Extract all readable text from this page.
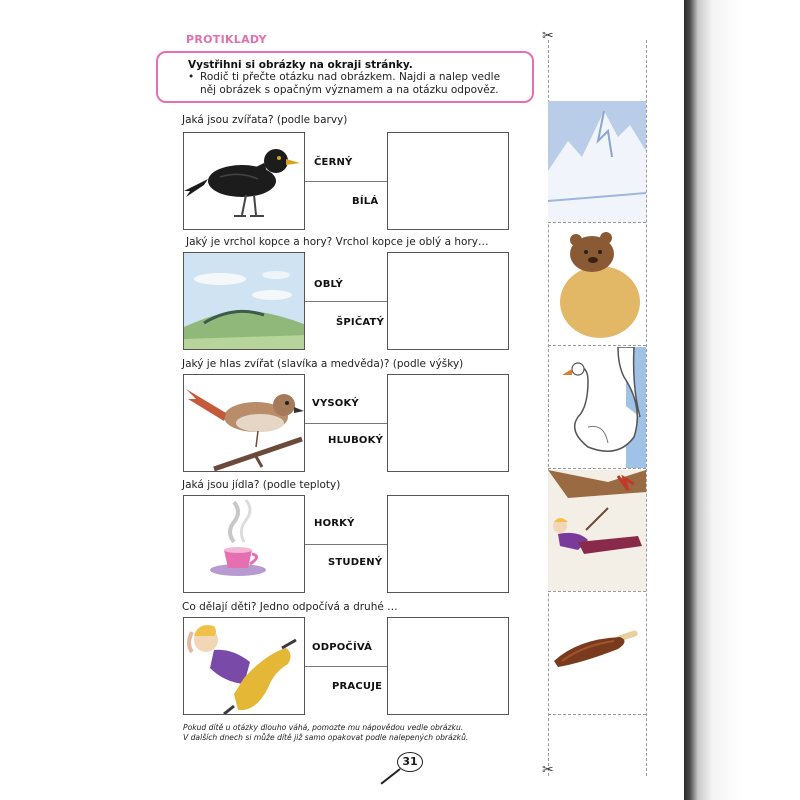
PROTIKLADY
Vystřihni si obrázky na okraji stránky.
• Rodič ti přečte otázku nad obrázkem. Najdi a nalep vedle
něj obrázek s opačným významem a na otázku odpověz.
Jaká jsou zvířata? (podle barvy)
ČERNÝ
BÍLÁ
Jaký je vrchol kopce a hory? Vrchol kopce je oblý a hory…
OBLÝ
ŠPIČATÝ
Jaký je hlas zvířat (slavíka a medvěda)? (podle výšky)
VYSOKÝ
HLUBOKÝ
Jaká jsou jídla? (podle teploty)
HORKÝ
STUDENÝ
Co dělají děti? Jedno odpočívá a druhé …
ODPOČÍVÁ
PRACUJE
✂
✂
Pokud dítě u otázky dlouho váhá, pomozte mu nápovědou vedle obrázku.
V dalších dnech si může dítě již samo opakovat podle nalepených obrázků.
31
